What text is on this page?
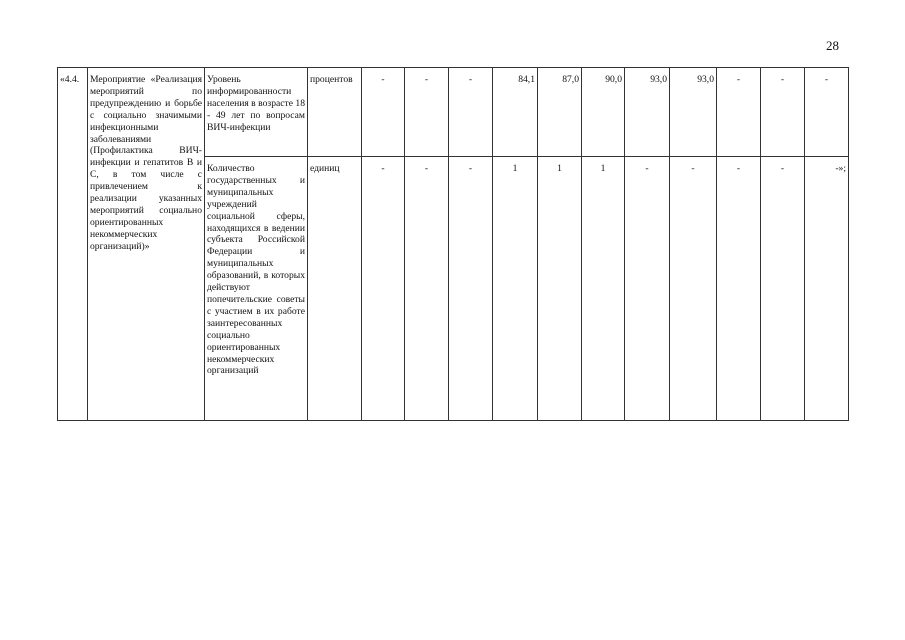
28
«4.4.	Мероприятие «Реализация мероприятий по предупреждению и борьбе с социально значимыми инфекционными заболеваниями (Профилактика ВИЧ-инфекции и гепатитов В и С, в том числе с привлечением к реализации указанных мероприятий социально ориентированных некоммерческих организаций)»	Уровень информированности населения в возрасте 18 - 49 лет по вопросам ВИЧ-инфекции	процентов	-	-	-	84,1	87,0	90,0	93,0	93,0	-	-	-
		Количество государственных и муниципальных учреждений социальной сферы, находящихся в ведении субъекта Российской Федерации и муниципальных образований, в которых действуют попечительские советы с участием в их работе заинтересованных социально ориентированных некоммерческих организаций	единиц	-	-	-	1	1	1	-	-	-	-	-»;
